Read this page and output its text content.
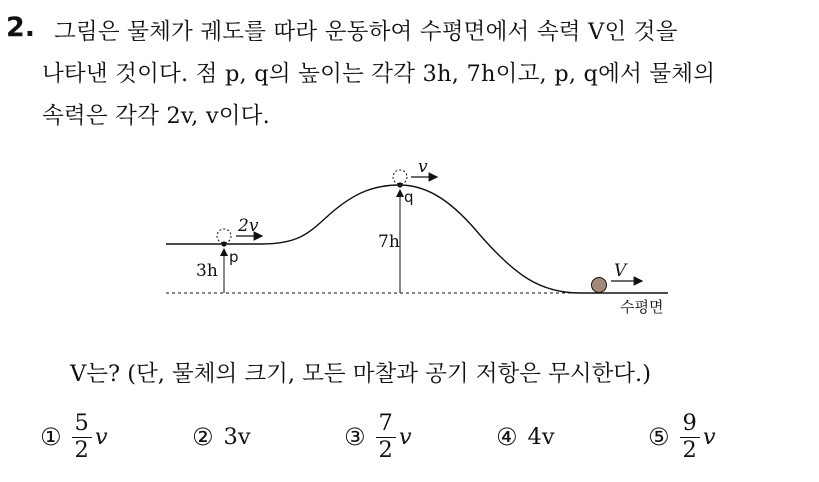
2. 그림은 물체가 궤도를 따라 운동하여 수평면에서 속력 V인 것을
나타낸 것이다. 점 p, q의 높이는 각각 3h, 7h이고, p, q에서 물체의
속력은 각각 2v, v이다.
2v
p
3h
v
q
7h
V
수평면
V는? (단, 물체의 크기, 모든 마찰과 공기 저항은 무시한다.)
① $\frac{5}{2}$ v	② 3v	③ $\frac{7}{2}$ v	④ 4v	⑤ $\frac{9}{2}$ v
